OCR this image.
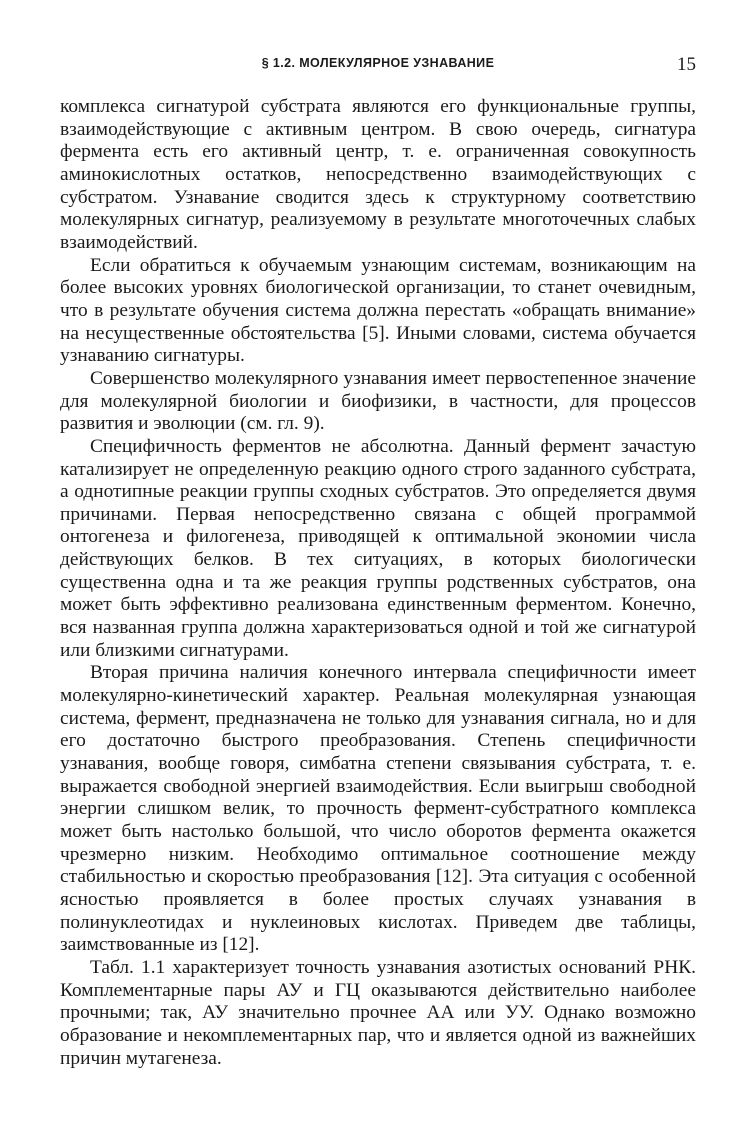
§ 1.2. МОЛЕКУЛЯРНОЕ УЗНАВАНИЕ	15

комплекса сигнатурой субстрата являются его функциональные группы, взаимодействующие с активным центром. В свою очередь, сигнатура фермента есть его активный центр, т. е. ограниченная совокупность аминокислотных остатков, непосредственно взаимодействующих с субстратом. Узнавание сводится здесь к структурному соответствию молекулярных сигнатур, реализуемому в результате многоточечных слабых взаимодействий.

Если обратиться к обучаемым узнающим системам, возникающим на более высоких уровнях биологической организации, то станет очевидным, что в результате обучения система должна перестать «обращать внимание» на несущественные обстоятельства [5]. Иными словами, система обучается узнаванию сигнатуры.

Совершенство молекулярного узнавания имеет первостепенное значение для молекулярной биологии и биофизики, в частности, для процессов развития и эволюции (см. гл. 9).

Специфичность ферментов не абсолютна. Данный фермент зачастую катализирует не определенную реакцию одного строго заданного субстрата, а однотипные реакции группы сходных субстратов. Это определяется двумя причинами. Первая непосредственно связана с общей программой онтогенеза и филогенеза, приводящей к оптимальной экономии числа действующих белков. В тех ситуациях, в которых биологически существенна одна и та же реакция группы родственных субстратов, она может быть эффективно реализована единственным ферментом. Конечно, вся названная группа должна характеризоваться одной и той же сигнатурой или близкими сигнатурами.

Вторая причина наличия конечного интервала специфичности имеет молекулярно-кинетический характер. Реальная молекулярная узнающая система, фермент, предназначена не только для узнавания сигнала, но и для его достаточно быстрого преобразования. Степень специфичности узнавания, вообще говоря, симбатна степени связывания субстрата, т. е. выражается свободной энергией взаимодействия. Если выигрыш свободной энергии слишком велик, то прочность фермент-субстратного комплекса может быть настолько большой, что число оборотов фермента окажется чрезмерно низким. Необходимо оптимальное соотношение между стабильностью и скоростью преобразования [12]. Эта ситуация с особенной ясностью проявляется в более простых случаях узнавания в полинуклеотидах и нуклеиновых кислотах. Приведем две таблицы, заимствованные из [12].

Табл. 1.1 характеризует точность узнавания азотистых оснований РНК. Комплементарные пары АУ и ГЦ оказываются действительно наиболее прочными; так, АУ значительно прочнее АА или УУ. Однако возможно образование и некомплементарных пар, что и является одной из важнейших причин мутагенеза.
